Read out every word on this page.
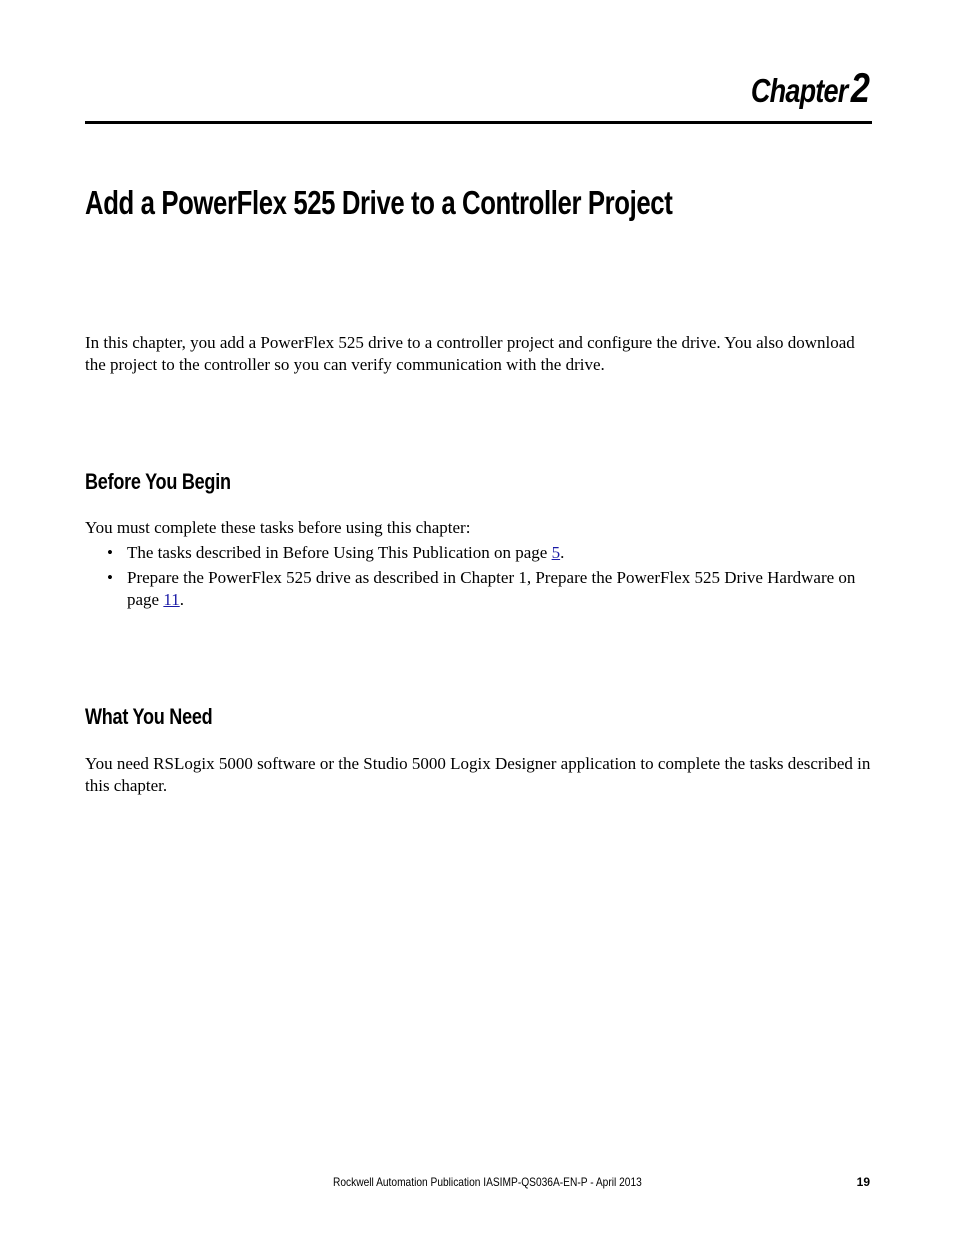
Chapter2
Add a PowerFlex 525 Drive to a Controller Project

In this chapter, you add a PowerFlex 525 drive to a controller project and configure the drive. You also download the project to the controller so you can verify communication with the drive.

Before You Begin

You must complete these tasks before using this chapter:

• The tasks described in Before Using This Publication on page 5.
• Prepare the PowerFlex 525 drive as described in Chapter 1, Prepare the PowerFlex 525 Drive Hardware on page 11.
What You Need

You need RSLogix 5000 software or the Studio 5000 Logix Designer application to complete the tasks described in this chapter.

Rockwell Automation Publication IASIMP-QS036A-EN-P - April 2013	19
